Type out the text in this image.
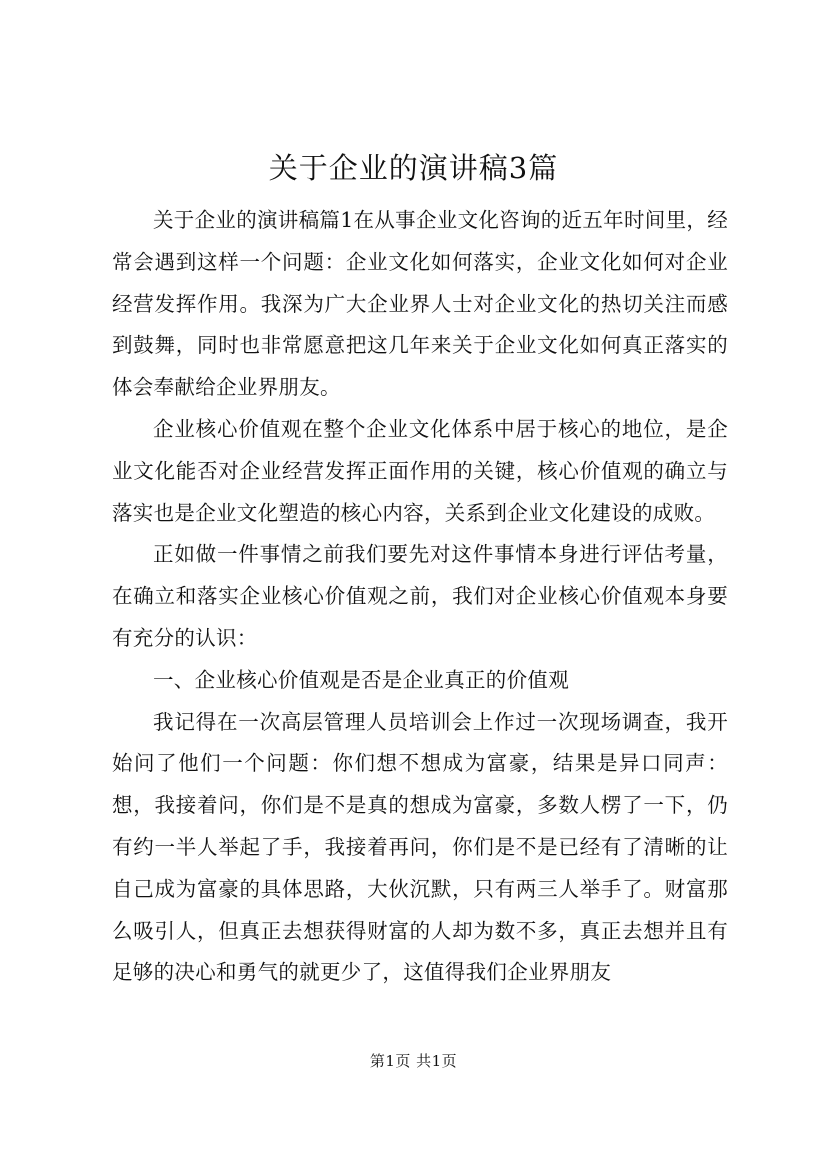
关于企业的演讲稿3篇

关于企业的演讲稿篇1在从事企业文化咨询的近五年时间里，经常会遇到这样一个问题：企业文化如何落实，企业文化如何对企业经营发挥作用。我深为广大企业界人士对企业文化的热切关注而感到鼓舞，同时也非常愿意把这几年来关于企业文化如何真正落实的体会奉献给企业界朋友。

企业核心价值观在整个企业文化体系中居于核心的地位，是企业文化能否对企业经营发挥正面作用的关键，核心价值观的确立与落实也是企业文化塑造的核心内容，关系到企业文化建设的成败。

正如做一件事情之前我们要先对这件事情本身进行评估考量，在确立和落实企业核心价值观之前，我们对企业核心价值观本身要有充分的认识：

一、企业核心价值观是否是企业真正的价值观

我记得在一次高层管理人员培训会上作过一次现场调查，我开始问了他们一个问题：你们想不想成为富豪，结果是异口同声：想，我接着问，你们是不是真的想成为富豪，多数人楞了一下，仍有约一半人举起了手，我接着再问，你们是不是已经有了清晰的让自己成为富豪的具体思路，大伙沉默，只有两三人举手了。财富那么吸引人，但真正去想获得财富的人却为数不多，真正去想并且有足够的决心和勇气的就更少了，这值得我们企业界朋友

第1页 共1页
